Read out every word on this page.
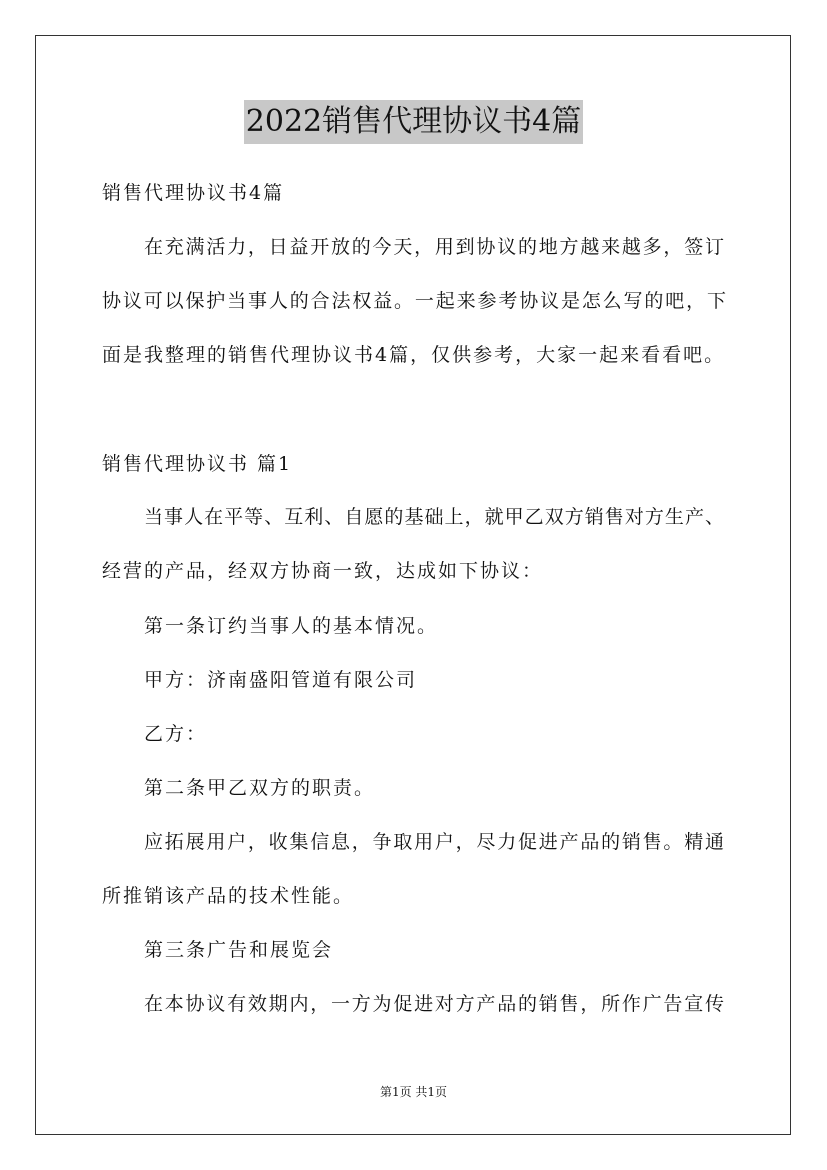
2022销售代理协议书4篇
销售代理协议书4篇
在充满活力，日益开放的今天，用到协议的地方越来越多，签订
协议可以保护当事人的合法权益。一起来参考协议是怎么写的吧，下
面是我整理的销售代理协议书4篇，仅供参考，大家一起来看看吧。
销售代理协议书 篇1
当事人在平等、互利、自愿的基础上，就甲乙双方销售对方生产、
经营的产品，经双方协商一致，达成如下协议：
第一条订约当事人的基本情况。
甲方：济南盛阳管道有限公司
乙方：
第二条甲乙双方的职责。
应拓展用户，收集信息，争取用户，尽力促进产品的销售。精通
所推销该产品的技术性能。
第三条广告和展览会
在本协议有效期内，一方为促进对方产品的销售，所作广告宣传
第1页 共1页
